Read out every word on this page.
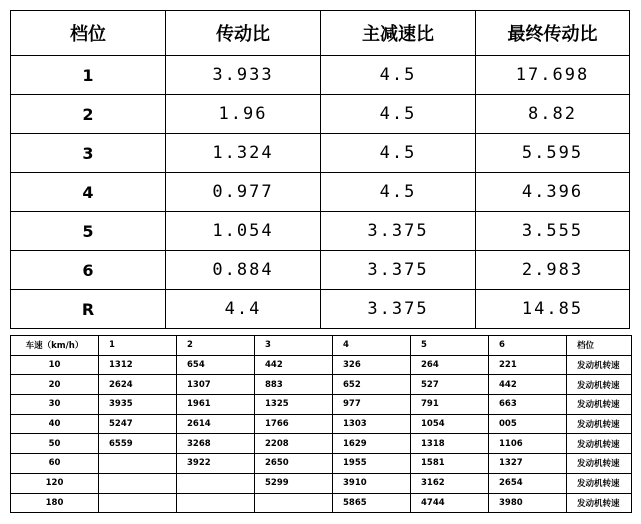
档位	传动比	主减速比	最终传动比
1	3.933	4.5	17.698
2	1.96	4.5	8.82
3	1.324	4.5	5.595
4	0.977	4.5	4.396
5	1.054	3.375	3.555
6	0.884	3.375	2.983
R	4.4	3.375	14.85
车速（km/h）	1	2	3	4	5	6	档位
10	1312	654	442	326	264	221	发动机转速
20	2624	1307	883	652	527	442	发动机转速
30	3935	1961	1325	977	791	663	发动机转速
40	5247	2614	1766	1303	1054	005	发动机转速
50	6559	3268	2208	1629	1318	1106	发动机转速
60		3922	2650	1955	1581	1327	发动机转速
120			5299	3910	3162	2654	发动机转速
180				5865	4744	3980	发动机转速
